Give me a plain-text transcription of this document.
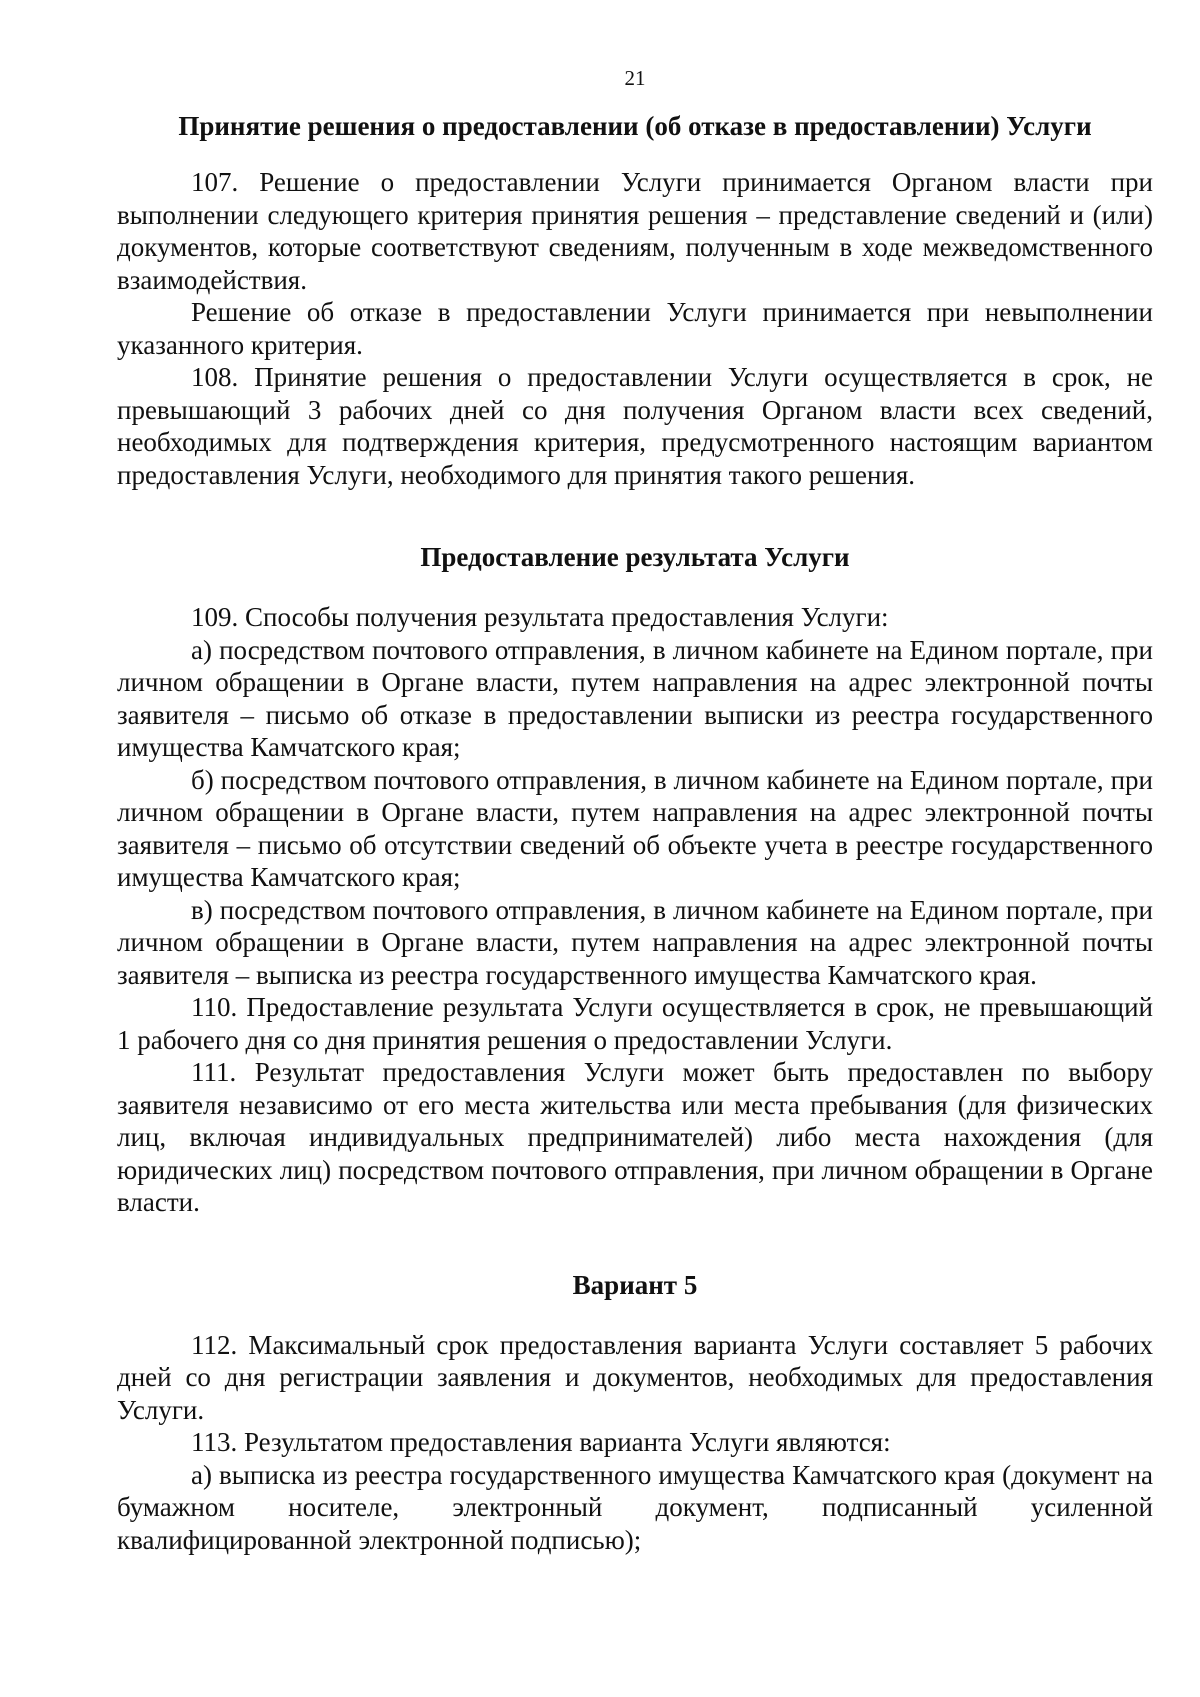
21
Принятие решения о предоставлении (об отказе в предоставлении) Услуги

107. Решение о предоставлении Услуги принимается Органом власти при выполнении следующего критерия принятия решения – представление сведений и (или) документов, которые соответствуют сведениям, полученным в ходе межведомственного взаимодействия.

Решение об отказе в предоставлении Услуги принимается при невыполнении указанного критерия.

108. Принятие решения о предоставлении Услуги осуществляется в срок, не превышающий 3 рабочих дней со дня получения Органом власти всех сведений, необходимых для подтверждения критерия, предусмотренного настоящим вариантом предоставления Услуги, необходимого для принятия такого решения.

Предоставление результата Услуги

109. Способы получения результата предоставления Услуги:

а) посредством почтового отправления, в личном кабинете на Едином портале, при личном обращении в Органе власти, путем направления на адрес электронной почты заявителя – письмо об отказе в предоставлении выписки из реестра государственного имущества Камчатского края;

б) посредством почтового отправления, в личном кабинете на Едином портале, при личном обращении в Органе власти, путем направления на адрес электронной почты заявителя – письмо об отсутствии сведений об объекте учета в реестре государственного имущества Камчатского края;

в) посредством почтового отправления, в личном кабинете на Едином портале, при личном обращении в Органе власти, путем направления на адрес электронной почты заявителя – выписка из реестра государственного имущества Камчатского края.

110. Предоставление результата Услуги осуществляется в срок, не превышающий 1 рабочего дня со дня принятия решения о предоставлении Услуги.

111. Результат предоставления Услуги может быть предоставлен по выбору заявителя независимо от его места жительства или места пребывания (для физических лиц, включая индивидуальных предпринимателей) либо места нахождения (для юридических лиц) посредством почтового отправления, при личном обращении в Органе власти.

Вариант 5

112. Максимальный срок предоставления варианта Услуги составляет 5 рабочих дней со дня регистрации заявления и документов, необходимых для предоставления Услуги.

113. Результатом предоставления варианта Услуги являются:

а) выписка из реестра государственного имущества Камчатского края (документ на бумажном носителе, электронный документ, подписанный усиленной квалифицированной электронной подписью);
